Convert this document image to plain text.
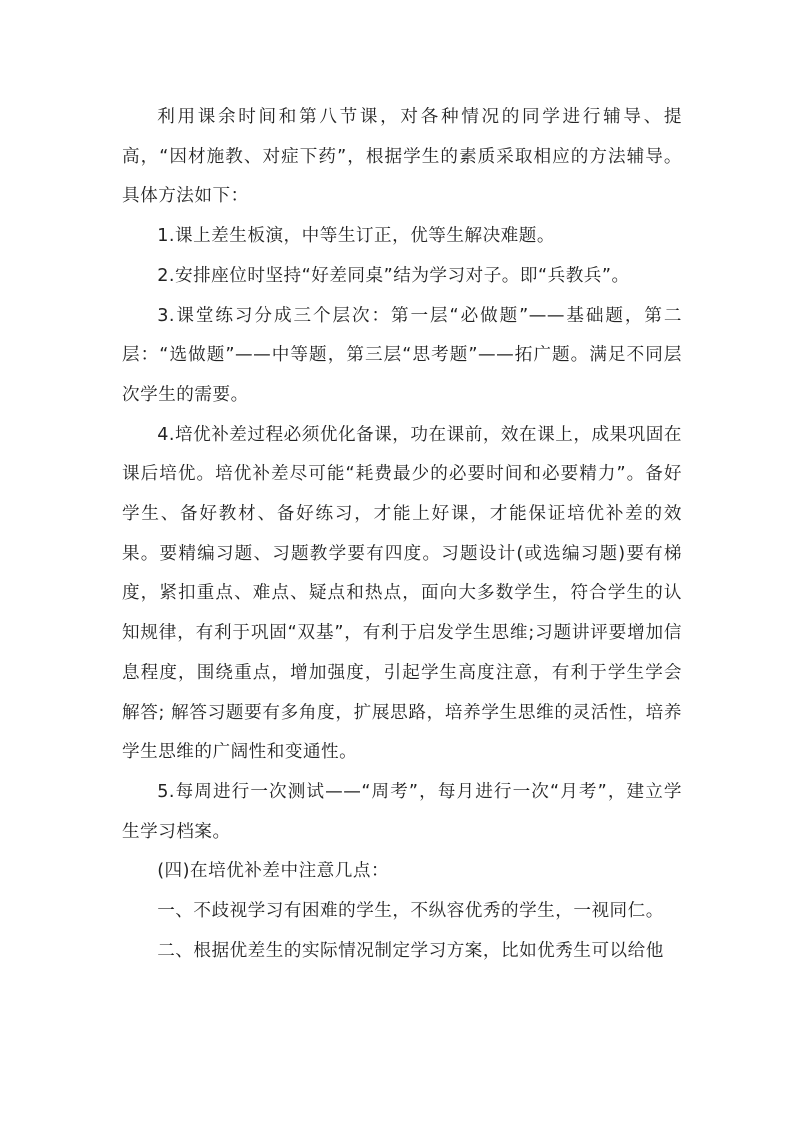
利用课余时间和第八节课，对各种情况的同学进行辅导、提高，“因材施教、对症下药”，根据学生的素质采取相应的方法辅导。具体方法如下：

1.课上差生板演，中等生订正，优等生解决难题。

2.安排座位时坚持“好差同桌”结为学习对子。即“兵教兵”。

3.课堂练习分成三个层次：第一层“必做题”——基础题，第二层：“选做题”——中等题，第三层“思考题”——拓广题。满足不同层次学生的需要。

4.培优补差过程必须优化备课，功在课前，效在课上，成果巩固在课后培优。培优补差尽可能“耗费最少的必要时间和必要精力”。备好学生、备好教材、备好练习，才能上好课，才能保证培优补差的效果。要精编习题、习题教学要有四度。习题设计(或选编习题)要有梯度，紧扣重点、难点、疑点和热点，面向大多数学生，符合学生的认知规律，有利于巩固“双基”，有利于启发学生思维;习题讲评要增加信息程度，围绕重点，增加强度，引起学生高度注意，有利于学生学会解答; 解答习题要有多角度，扩展思路，培养学生思维的灵活性，培养学生思维的广阔性和变通性。

5.每周进行一次测试——“周考”，每月进行一次“月考”，建立学生学习档案。

(四)在培优补差中注意几点：

一、不歧视学习有困难的学生，不纵容优秀的学生，一视同仁。

二、根据优差生的实际情况制定学习方案，比如优秀生可以给他
